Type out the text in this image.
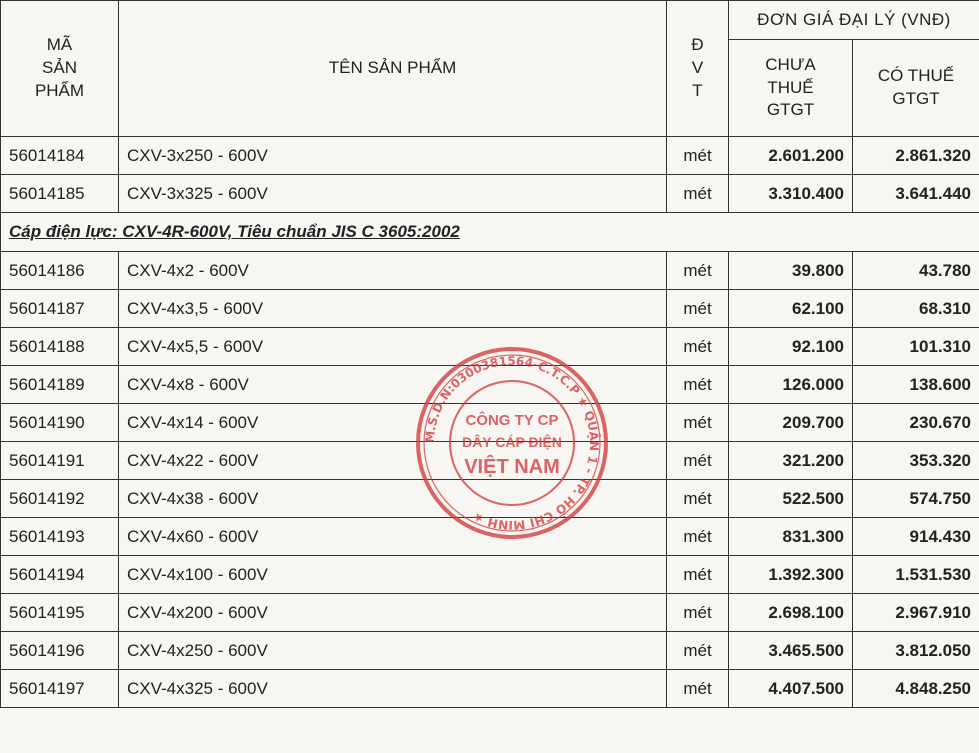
MÃ
SẢN
PHẨM	TÊN SẢN PHẨM	Đ
V
T	ĐƠN GIÁ ĐẠI LÝ (VNĐ)	
			CHƯA
THUẾ
GTGT	CÓ THUẾ
GTGT
56014184	CXV-3x250 - 600V	mét	2.601.200	2.861.320
56014185	CXV-3x325 - 600V	mét	3.310.400	3.641.440
Cáp điện lực: CXV-4R-600V, Tiêu chuẩn JIS C 3605:2002				
56014186	CXV-4x2 - 600V	mét	39.800	43.780
56014187	CXV-4x3,5 - 600V	mét	62.100	68.310
56014188	CXV-4x5,5 - 600V	mét	92.100	101.310
56014189	CXV-4x8 - 600V	mét	126.000	138.600
56014190	CXV-4x14 - 600V	mét	209.700	230.670
56014191	CXV-4x22 - 600V	mét	321.200	353.320
56014192	CXV-4x38 - 600V	mét	522.500	574.750
56014193	CXV-4x60 - 600V	mét	831.300	914.430
56014194	CXV-4x100 - 600V	mét	1.392.300	1.531.530
56014195	CXV-4x200 - 600V	mét	2.698.100	2.967.910
56014196	CXV-4x250 - 600V	mét	3.465.500	3.812.050
56014197	CXV-4x325 - 600V	mét	4.407.500	4.848.250
M.S.D.N:0300381564-C.T.C.P ★ QUẬN 1 - TP. HỒ CHÍ MINH ★
CÔNG TY CP
DÂY CÁP ĐIỆN
VIỆT NAM
